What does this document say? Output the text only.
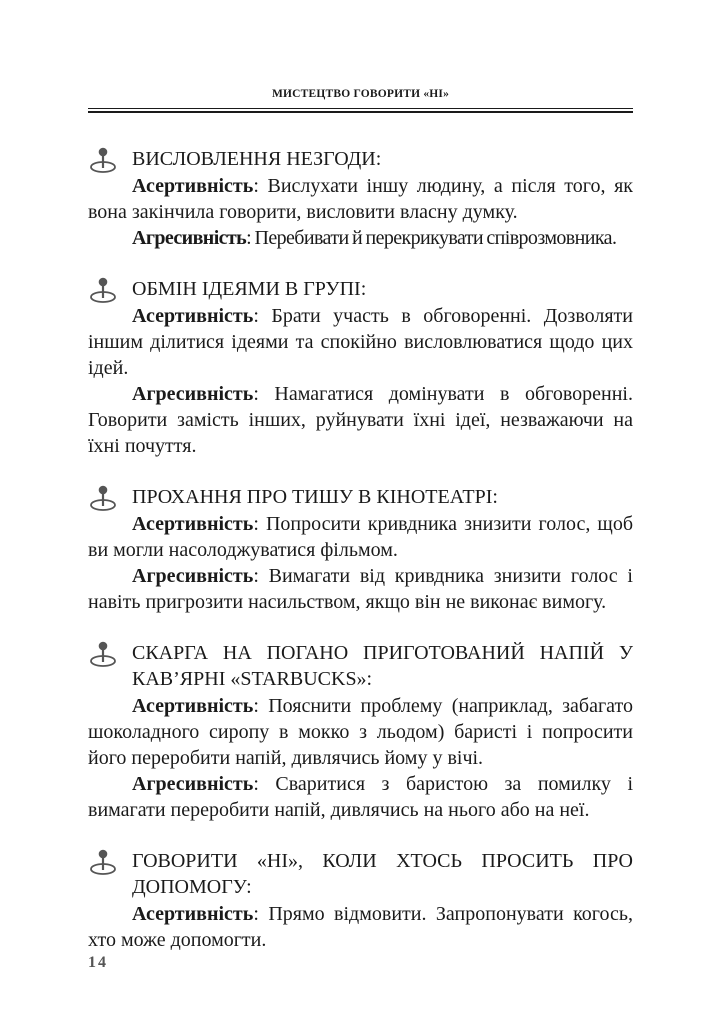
МИСТЕЦТВО ГОВОРИТИ «НІ»
ВИСЛОВЛЕННЯ НЕЗГОДИ:

Асертивність: Вислухати іншу людину, а після того, як вона закінчила говорити, висловити власну думку.

Агресивність: Перебивати й перекрикувати співрозмовника.

ОБМІН ІДЕЯМИ В ГРУПІ:

Асертивність: Брати участь в обговоренні. Дозволяти іншим ділитися ідеями та спокійно висловлюватися щодо цих ідей.

Агресивність: Намагатися домінувати в обговоренні. Говорити замість інших, руйнувати їхні ідеї, незважаючи на їхні почуття.

ПРОХАННЯ ПРО ТИШУ В КІНОТЕАТРІ:

Асертивність: Попросити кривдника знизити голос, щоб ви могли насолоджуватися фільмом.

Агресивність: Вимагати від кривдника знизити голос і навіть пригрозити насильством, якщо він не виконає вимогу.

СКАРГА НА ПОГАНО ПРИГОТОВАНИЙ НАПІЙ У КАВ’ЯРНІ «STARBUCKS»:

Асертивність: Пояснити проблему (наприклад, забагато шоколадного сиропу в мокко з льодом) баристі і попросити його переробити напій, дивлячись йому у вічі.

Агресивність: Сваритися з баристою за помилку і вимагати переробити напій, дивлячись на нього або на неї.

ГОВОРИТИ «НІ», КОЛИ ХТОСЬ ПРОСИТЬ ПРО ДОПОМОГУ:

Асертивність: Прямо відмовити. Запропонувати когось, хто може допомогти.

14
